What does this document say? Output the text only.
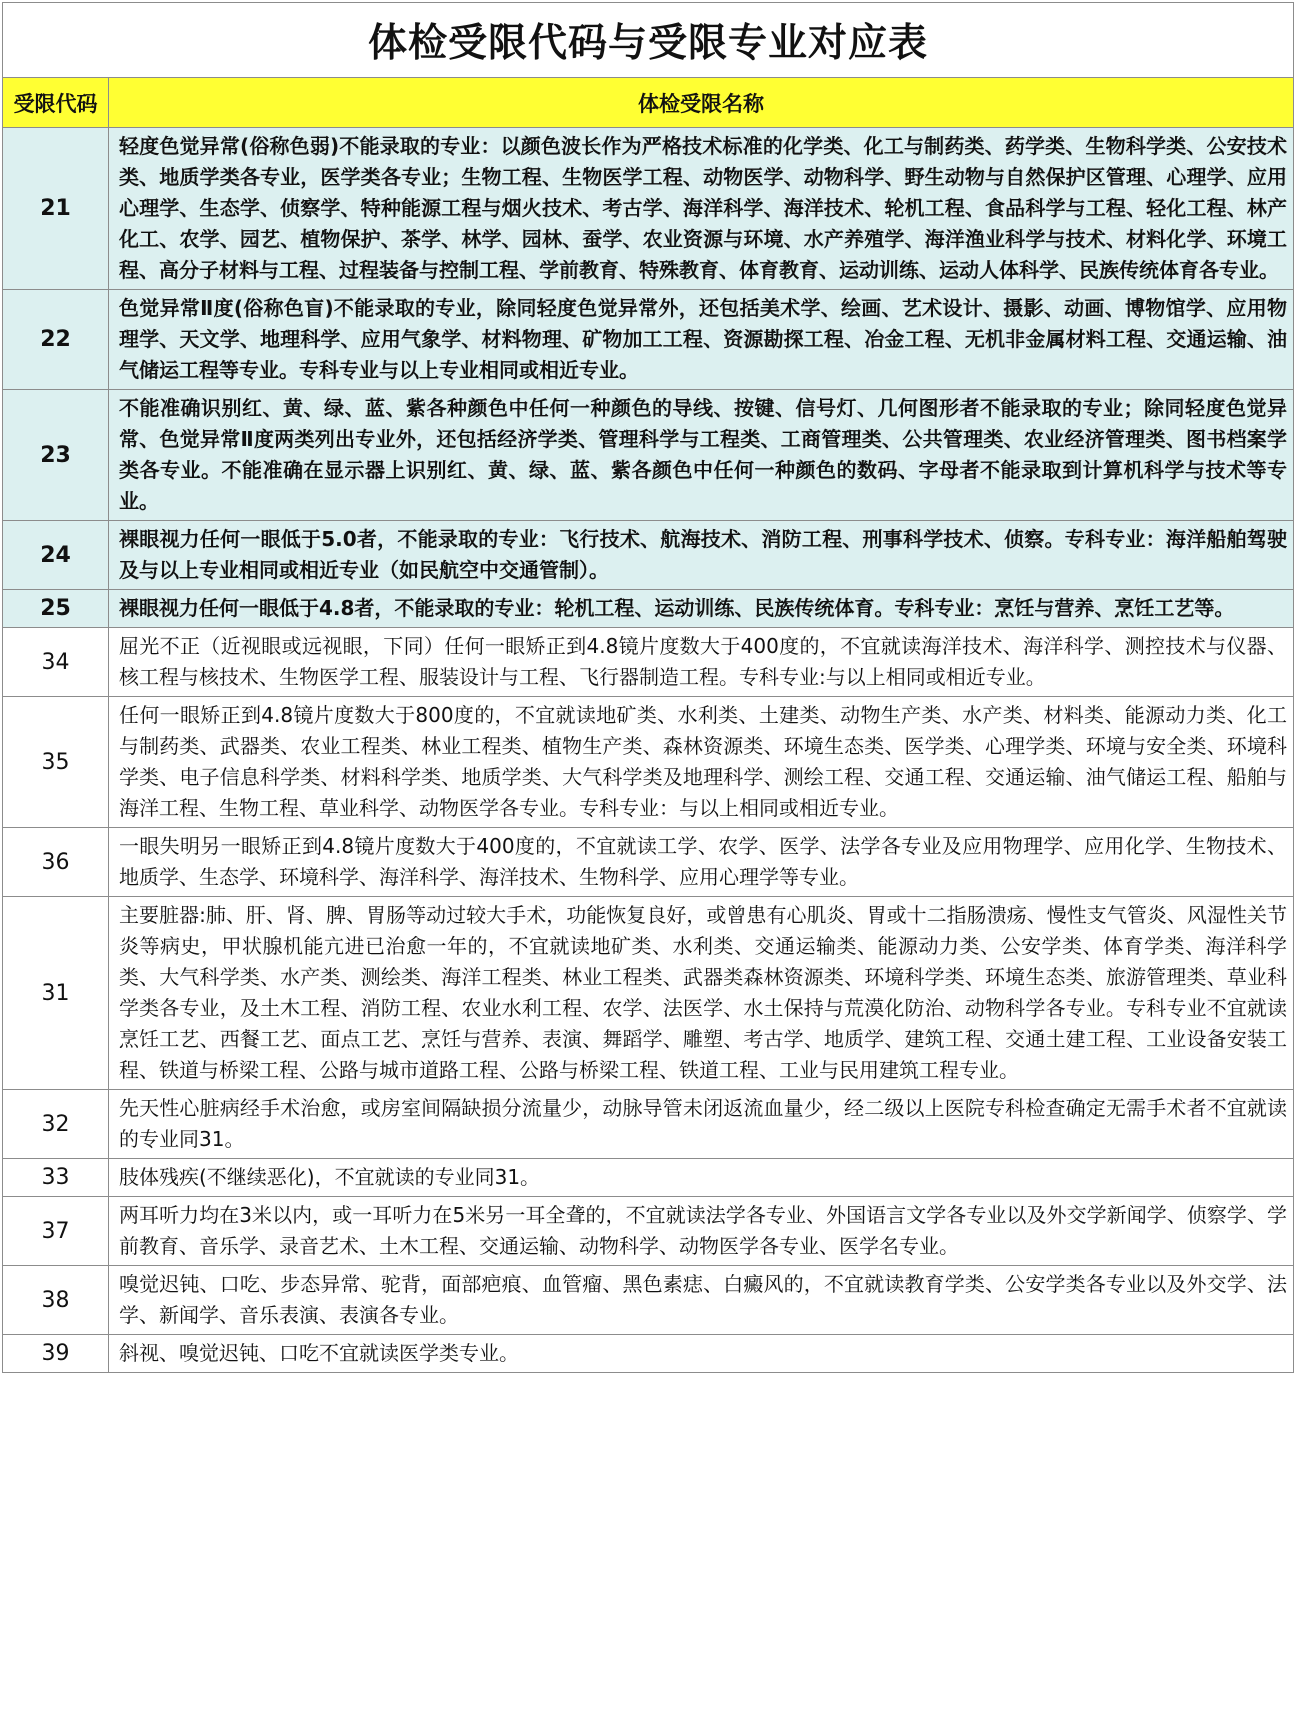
体检受限代码与受限专业对应表	
受限代码	体检受限名称
21	轻度色觉异常(俗称色弱)不能录取的专业：以颜色波长作为严格技术标准的化学类、化工与制药类、药学类、生物科学类、公安技术类、地质学类各专业，医学类各专业；生物工程、生物医学工程、动物医学、动物科学、野生动物与自然保护区管理、心理学、应用心理学、生态学、侦察学、特种能源工程与烟火技术、考古学、海洋科学、海洋技术、轮机工程、食品科学与工程、轻化工程、林产化工、农学、园艺、植物保护、茶学、林学、园林、蚕学、农业资源与环境、水产养殖学、海洋渔业科学与技术、材料化学、环境工程、高分子材料与工程、过程装备与控制工程、学前教育、特殊教育、体育教育、运动训练、运动人体科学、民族传统体育各专业。
22	色觉异常Ⅱ度(俗称色盲)不能录取的专业，除同轻度色觉异常外，还包括美术学、绘画、艺术设计、摄影、动画、博物馆学、应用物理学、天文学、地理科学、应用气象学、材料物理、矿物加工工程、资源勘探工程、冶金工程、无机非金属材料工程、交通运输、油气储运工程等专业。专科专业与以上专业相同或相近专业。
23	不能准确识别红、黄、绿、蓝、紫各种颜色中任何一种颜色的导线、按键、信号灯、几何图形者不能录取的专业；除同轻度色觉异常、色觉异常Ⅱ度两类列出专业外，还包括经济学类、管理科学与工程类、工商管理类、公共管理类、农业经济管理类、图书档案学类各专业。不能准确在显示器上识别红、黄、绿、蓝、紫各颜色中任何一种颜色的数码、字母者不能录取到计算机科学与技术等专业。
24	裸眼视力任何一眼低于5.0者，不能录取的专业：飞行技术、航海技术、消防工程、刑事科学技术、侦察。专科专业：海洋船舶驾驶及与以上专业相同或相近专业（如民航空中交通管制）。
25	裸眼视力任何一眼低于4.8者，不能录取的专业：轮机工程、运动训练、民族传统体育。专科专业：烹饪与营养、烹饪工艺等。
34	屈光不正（近视眼或远视眼，下同）任何一眼矫正到4.8镜片度数大于400度的，不宜就读海洋技术、海洋科学、测控技术与仪器、核工程与核技术、生物医学工程、服装设计与工程、飞行器制造工程。专科专业:与以上相同或相近专业。
35	任何一眼矫正到4.8镜片度数大于800度的，不宜就读地矿类、水利类、土建类、动物生产类、水产类、材料类、能源动力类、化工与制药类、武器类、农业工程类、林业工程类、植物生产类、森林资源类、环境生态类、医学类、心理学类、环境与安全类、环境科学类、电子信息科学类、材料科学类、地质学类、大气科学类及地理科学、测绘工程、交通工程、交通运输、油气储运工程、船舶与海洋工程、生物工程、草业科学、动物医学各专业。专科专业：与以上相同或相近专业。
36	一眼失明另一眼矫正到4.8镜片度数大于400度的，不宜就读工学、农学、医学、法学各专业及应用物理学、应用化学、生物技术、地质学、生态学、环境科学、海洋科学、海洋技术、生物科学、应用心理学等专业。
31	主要脏器:肺、肝、肾、脾、胃肠等动过较大手术，功能恢复良好，或曾患有心肌炎、胃或十二指肠溃疡、慢性支气管炎、风湿性关节炎等病史，甲状腺机能亢进已治愈一年的，不宜就读地矿类、水利类、交通运输类、能源动力类、公安学类、体育学类、海洋科学类、大气科学类、水产类、测绘类、海洋工程类、林业工程类、武器类森林资源类、环境科学类、环境生态类、旅游管理类、草业科学类各专业，及土木工程、消防工程、农业水利工程、农学、法医学、水土保持与荒漠化防治、动物科学各专业。专科专业不宜就读烹饪工艺、西餐工艺、面点工艺、烹饪与营养、表演、舞蹈学、雕塑、考古学、地质学、建筑工程、交通土建工程、工业设备安装工程、铁道与桥梁工程、公路与城市道路工程、公路与桥梁工程、铁道工程、工业与民用建筑工程专业。
32	先天性心脏病经手术治愈，或房室间隔缺损分流量少，动脉导管未闭返流血量少，经二级以上医院专科检查确定无需手术者不宜就读的专业同31。
33	肢体残疾(不继续恶化)，不宜就读的专业同31。
37	两耳听力均在3米以内，或一耳听力在5米另一耳全聋的，不宜就读法学各专业、外国语言文学各专业以及外交学新闻学、侦察学、学前教育、音乐学、录音艺术、土木工程、交通运输、动物科学、动物医学各专业、医学名专业。
38	嗅觉迟钝、口吃、步态异常、驼背，面部疤痕、血管瘤、黑色素痣、白癜风的，不宜就读教育学类、公安学类各专业以及外交学、法学、新闻学、音乐表演、表演各专业。
39	斜视、嗅觉迟钝、口吃不宜就读医学类专业。
